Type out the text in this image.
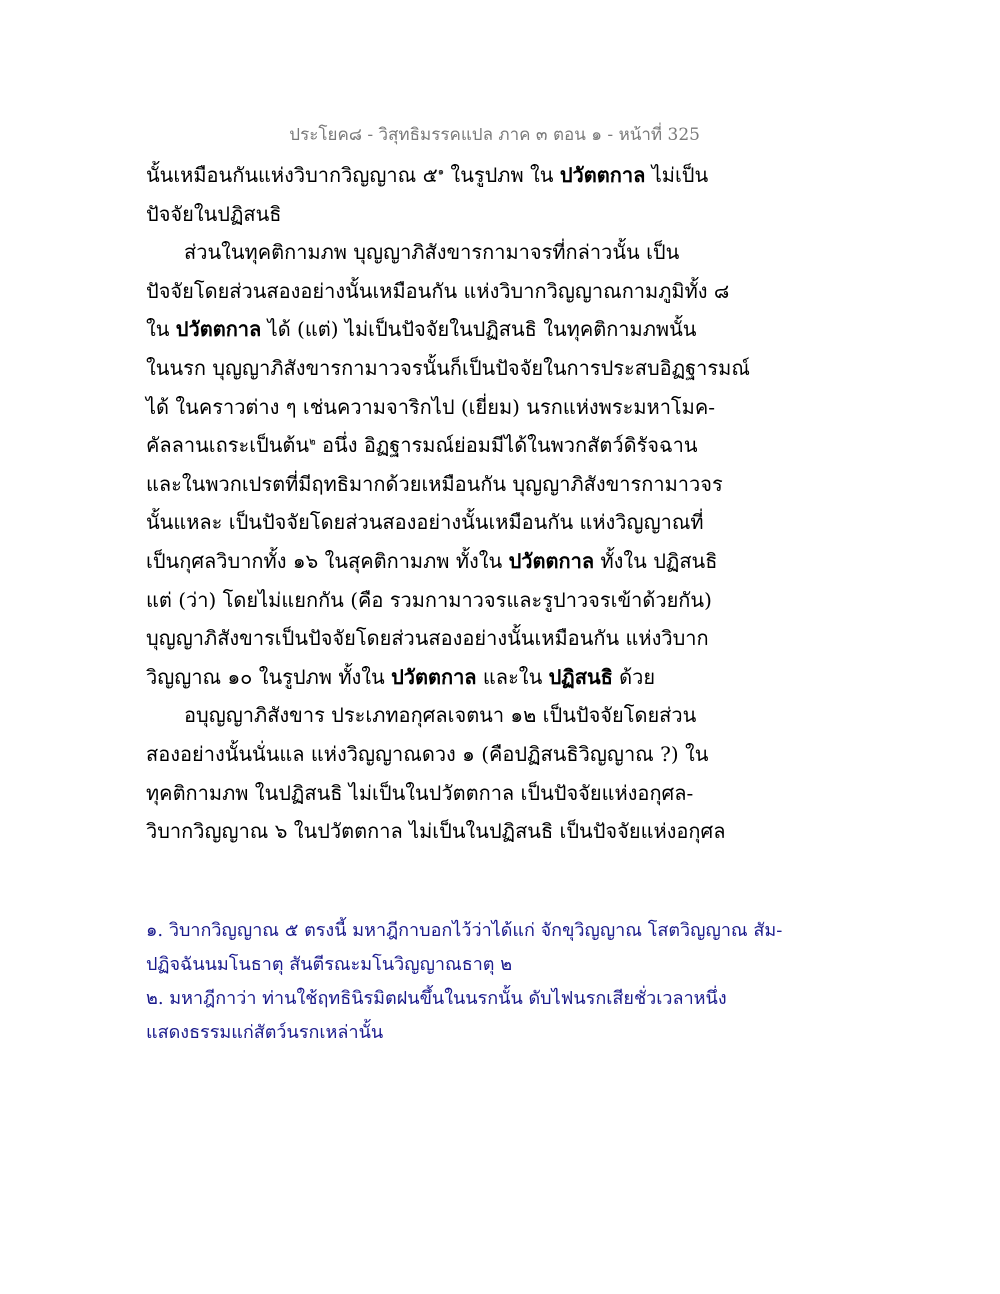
ประโยค๘ - วิสุทธิมรรคแปล ภาค ๓ ตอน ๑ - หน้าที่ 325
นั้นเหมือนกันแห่งวิบากวิญญาณ ๕$^๑$ ในรูปภพ ใน ปวัตตกาล ไม่เป็น
ปัจจัยในปฏิสนธิ
ส่วนในทุคติกามภพ บุญญาภิสังขารกามาจรที่กล่าวนั้น เป็น
ปัจจัยโดยส่วนสองอย่างนั้นเหมือนกัน แห่งวิบากวิญญาณกามภูมิทั้ง ๘
ใน ปวัตตกาล ได้ (แต่) ไม่เป็นปัจจัยในปฏิสนธิ ในทุคติกามภพนั้น
ในนรก บุญญาภิสังขารกามาวจรนั้นก็เป็นปัจจัยในการประสบอิฏฐารมณ์
ได้ ในคราวต่าง ๆ เช่นความจาริกไป (เยี่ยม) นรกแห่งพระมหาโมค-
คัลลานเถระเป็นต้น$^๒$ อนึ่ง อิฏฐารมณ์ย่อมมีได้ในพวกสัตว์ดิรัจฉาน
และในพวกเปรตที่มีฤทธิมากด้วยเหมือนกัน บุญญาภิสังขารกามาวจร
นั้นแหละ เป็นปัจจัยโดยส่วนสองอย่างนั้นเหมือนกัน แห่งวิญญาณที่
เป็นกุศลวิบากทั้ง ๑๖ ในสุคติกามภพ ทั้งใน ปวัตตกาล ทั้งใน ปฏิสนธิ
แต่ (ว่า) โดยไม่แยกกัน (คือ รวมกามาวจรและรูปาวจรเข้าด้วยกัน)
บุญญาภิสังขารเป็นปัจจัยโดยส่วนสองอย่างนั้นเหมือนกัน แห่งวิบาก
วิญญาณ ๑๐ ในรูปภพ ทั้งใน ปวัตตกาล และใน ปฏิสนธิ ด้วย
อบุญญาภิสังขาร ประเภทอกุศลเจตนา ๑๒ เป็นปัจจัยโดยส่วน
สองอย่างนั้นนั่นแล แห่งวิญญาณดวง ๑ (คือปฏิสนธิวิญญาณ ?) ใน
ทุคติกามภพ ในปฏิสนธิ ไม่เป็นในปวัตตกาล เป็นปัจจัยแห่งอกุศล-
วิบากวิญญาณ ๖ ในปวัตตกาล ไม่เป็นในปฏิสนธิ เป็นปัจจัยแห่งอกุศล
๑. วิบากวิญญาณ ๕ ตรงนี้ มหาฎีกาบอกไว้ว่าได้แก่ จักขุวิญญาณ โสตวิญญาณ สัม-
ปฏิจฉันนมโนธาตุ สันตีรณะมโนวิญญาณธาตุ ๒
๒. มหาฎีกาว่า ท่านใช้ฤทธินิรมิตฝนขึ้นในนรกนั้น ดับไฟนรกเสียชั่วเวลาหนึ่ง
แสดงธรรมแก่สัตว์นรกเหล่านั้น
